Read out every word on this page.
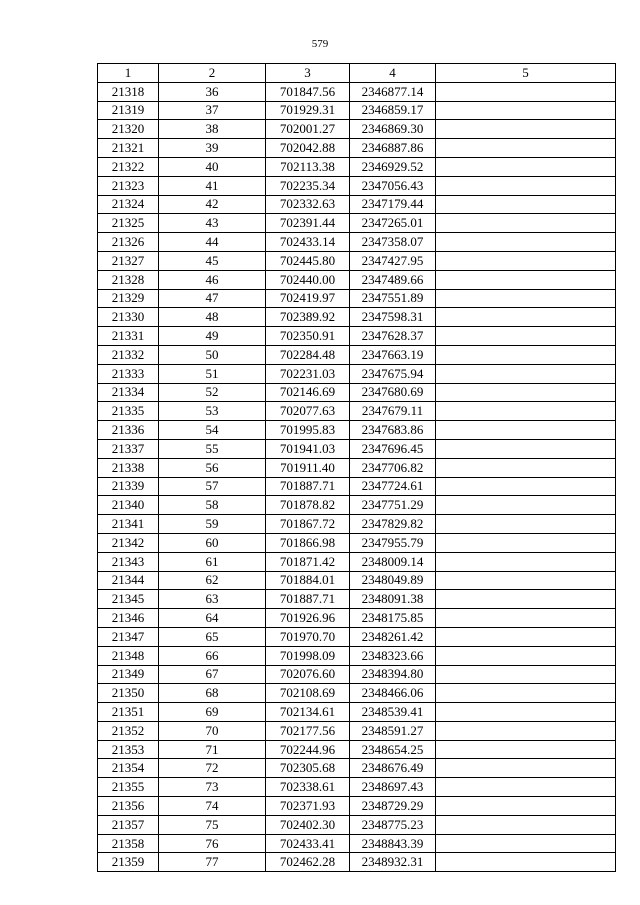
579
1	2	3	4	5
21318	36	701847.56	2346877.14	
21319	37	701929.31	2346859.17	
21320	38	702001.27	2346869.30	
21321	39	702042.88	2346887.86	
21322	40	702113.38	2346929.52	
21323	41	702235.34	2347056.43	
21324	42	702332.63	2347179.44	
21325	43	702391.44	2347265.01	
21326	44	702433.14	2347358.07	
21327	45	702445.80	2347427.95	
21328	46	702440.00	2347489.66	
21329	47	702419.97	2347551.89	
21330	48	702389.92	2347598.31	
21331	49	702350.91	2347628.37	
21332	50	702284.48	2347663.19	
21333	51	702231.03	2347675.94	
21334	52	702146.69	2347680.69	
21335	53	702077.63	2347679.11	
21336	54	701995.83	2347683.86	
21337	55	701941.03	2347696.45	
21338	56	701911.40	2347706.82	
21339	57	701887.71	2347724.61	
21340	58	701878.82	2347751.29	
21341	59	701867.72	2347829.82	
21342	60	701866.98	2347955.79	
21343	61	701871.42	2348009.14	
21344	62	701884.01	2348049.89	
21345	63	701887.71	2348091.38	
21346	64	701926.96	2348175.85	
21347	65	701970.70	2348261.42	
21348	66	701998.09	2348323.66	
21349	67	702076.60	2348394.80	
21350	68	702108.69	2348466.06	
21351	69	702134.61	2348539.41	
21352	70	702177.56	2348591.27	
21353	71	702244.96	2348654.25	
21354	72	702305.68	2348676.49	
21355	73	702338.61	2348697.43	
21356	74	702371.93	2348729.29	
21357	75	702402.30	2348775.23	
21358	76	702433.41	2348843.39	
21359	77	702462.28	2348932.31	
